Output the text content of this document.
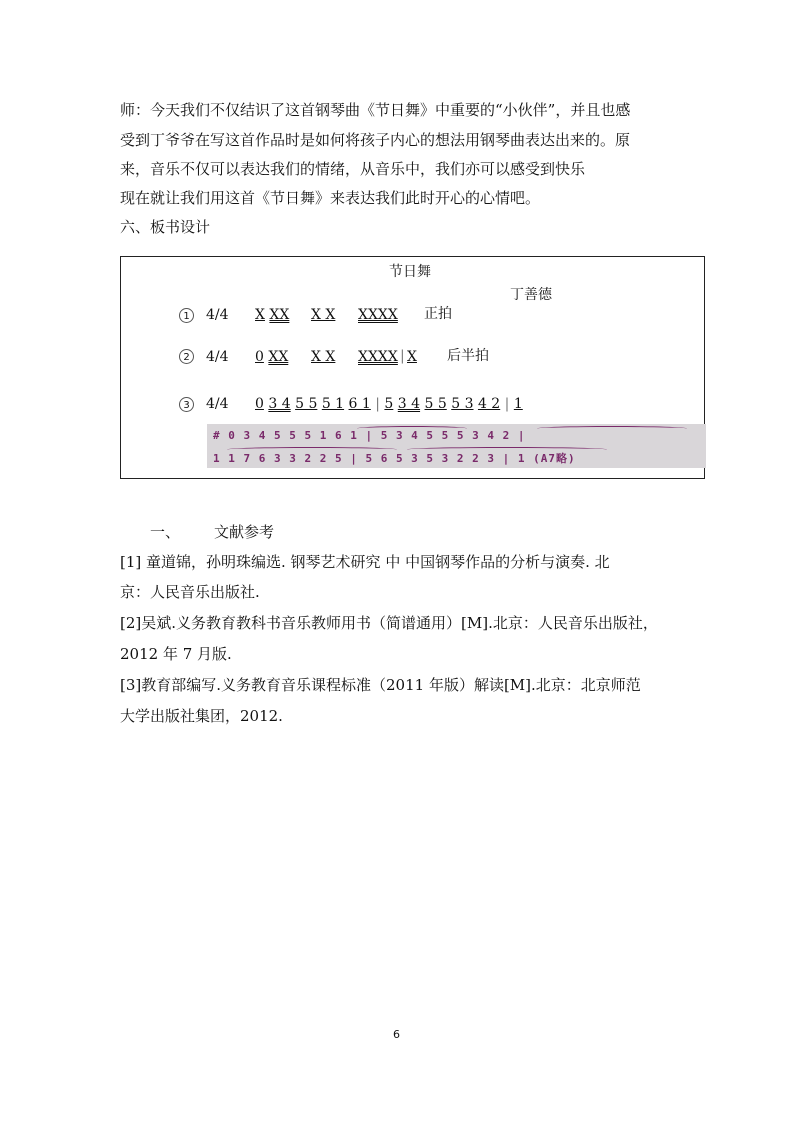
师：今天我们不仅结识了这首钢琴曲《节日舞》中重要的“小伙伴”，并且也感
受到丁爷爷在写这首作品时是如何将孩子内心的想法用钢琴曲表达出来的。原
来，音乐不仅可以表达我们的情绪，从音乐中，我们亦可以感受到快乐
现在就让我们用这首《节日舞》来表达我们此时开心的心情吧。
六、板书设计
节日舞
丁善德
1	4/4 X XX X X XXXX 正拍
2	4/4 0 XX X X XXXX | X 后半拍
3	4/4 0 3 4 5 5 5 1 6 1 | 5 3 4 5 5 5 3 4 2 | 1
# 0 3 4 5 5 5 1 6 1 | 5 3 4 5 5 5 3 4 2 |
1 1 7 6 3 3 2 2 5 | 5 6 5 3 5 3 2 2 3 | 1 (A7略)
一、 文献参考
[1] 童道锦，孙明珠编选. 钢琴艺术研究 中 中国钢琴作品的分析与演奏. 北
京：人民音乐出版社.
[2]吴斌.义务教育教科书音乐教师用书（简谱通用）[M].北京：人民音乐出版社，
2012 年 7 月版.
[3]教育部编写.义务教育音乐课程标准（2011 年版）解读[M].北京：北京师范
大学出版社集团，2012.
6
